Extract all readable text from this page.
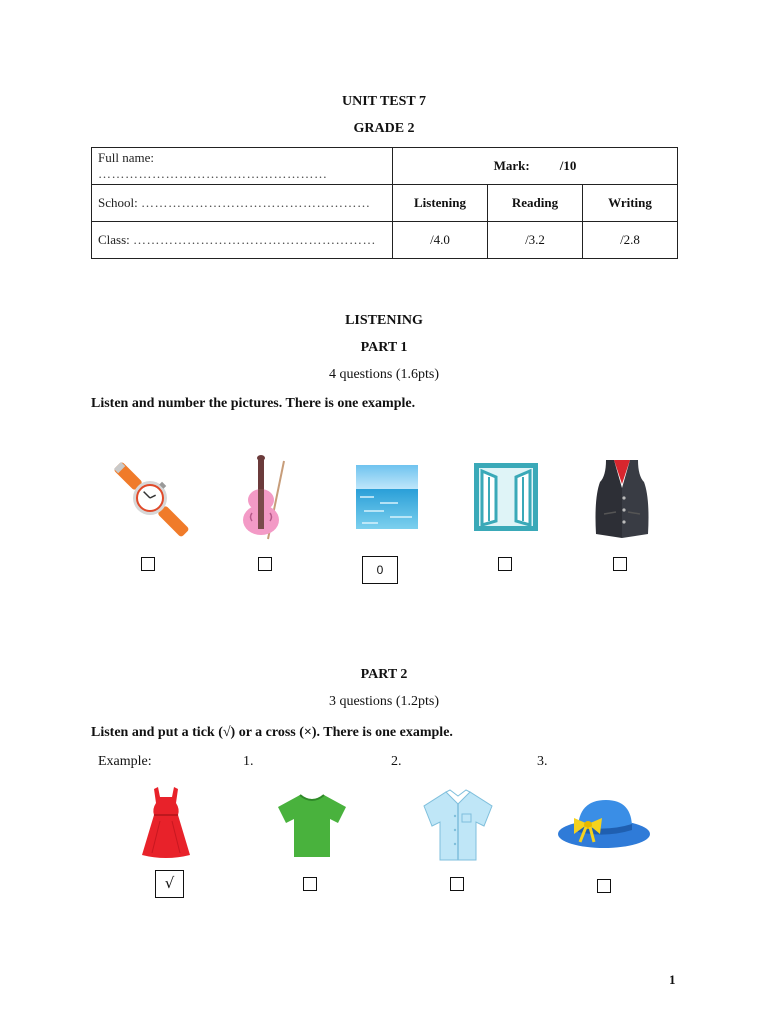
UNIT TEST 7
GRADE 2
Full name: ……………………………………………	Mark: /10		
School: ……………………………………………	Listening	Reading	Writing
Class: ………………………………………………	/4.0	/3.2	/2.8
LISTENING
PART 1
4 questions (1.6pts)
Listen and number the pictures. There is one example.
0
PART 2
3 questions (1.2pts)
Listen and put a tick (√) or a cross (×). There is one example.
Example:	1.	2.	3.
√
1
